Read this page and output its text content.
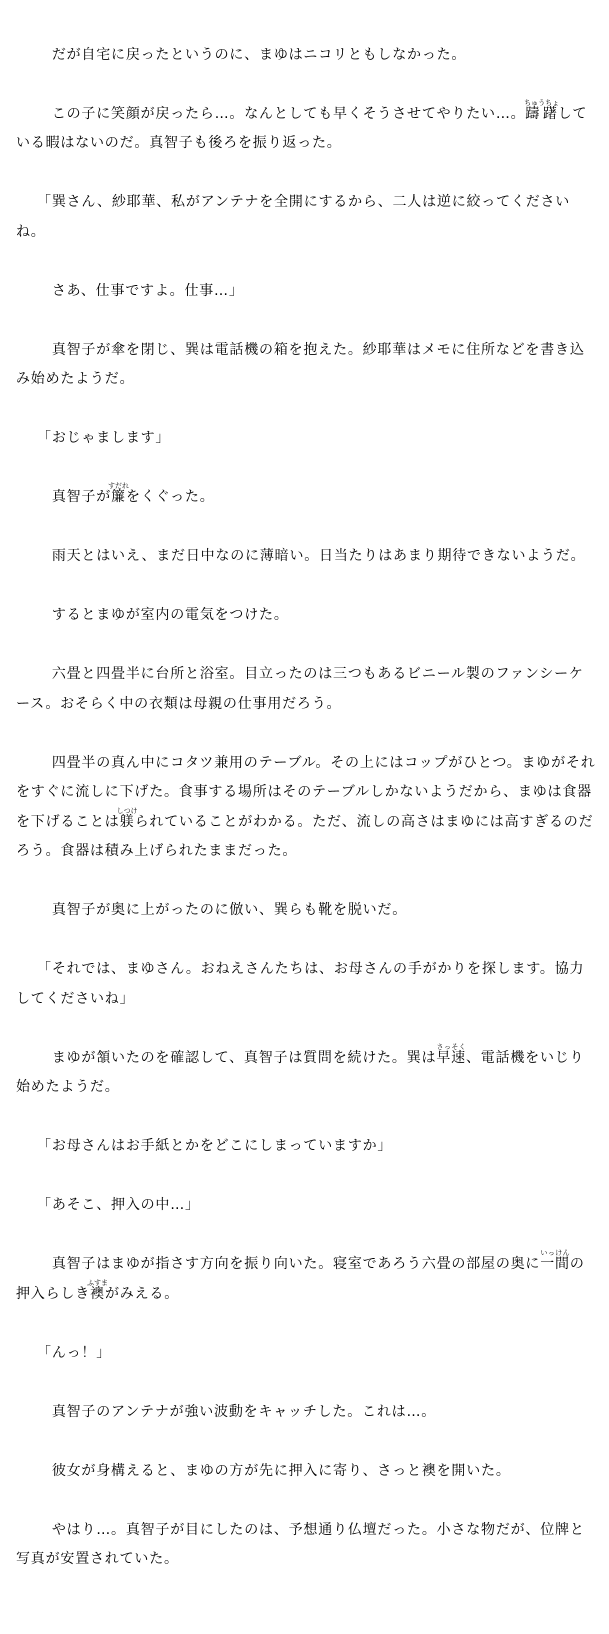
　だが自宅に戻ったというのに、まゆはニコリともしなかった。

　この子に笑顔が戻ったら…。なんとしても早くそうさせてやりたい…。躊躇ちゅうちょしている暇はないのだ。真智子も後ろを振り返った。

「巽さん、紗耶華、私がアンテナを全開にするから、二人は逆に絞ってくださいね。

　さあ、仕事ですよ。仕事…」

　真智子が傘を閉じ、巽は電話機の箱を抱えた。紗耶華はメモに住所などを書き込み始めたようだ。

「おじゃまします」

　真智子が簾すだれをくぐった。

　雨天とはいえ、まだ日中なのに薄暗い。日当たりはあまり期待できないようだ。

　するとまゆが室内の電気をつけた。

　六畳と四畳半に台所と浴室。目立ったのは三つもあるビニール製のファンシーケース。おそらく中の衣類は母親の仕事用だろう。

　四畳半の真ん中にコタツ兼用のテーブル。その上にはコップがひとつ。まゆがそれをすぐに流しに下げた。食事する場所はそのテーブルしかないようだから、まゆは食器を下げることは躾しつけられていることがわかる。ただ、流しの高さはまゆには高すぎるのだろう。食器は積み上げられたままだった。

　真智子が奥に上がったのに倣い、巽らも靴を脱いだ。

「それでは、まゆさん。おねえさんたちは、お母さんの手がかりを探します。協力してくださいね」

　まゆが頷いたのを確認して、真智子は質問を続けた。巽は早速さっそく、電話機をいじり始めたようだ。

「お母さんはお手紙とかをどこにしまっていますか」

「あそこ、押入の中…」

　真智子はまゆが指さす方向を振り向いた。寝室であろう六畳の部屋の奥に一間いっけんの押入らしき襖ふすまがみえる。

「んっ！」

　真智子のアンテナが強い波動をキャッチした。これは…。

　彼女が身構えると、まゆの方が先に押入に寄り、さっと襖を開いた。

　やはり…。真智子が目にしたのは、予想通り仏壇だった。小さな物だが、位牌と写真が安置されていた。
